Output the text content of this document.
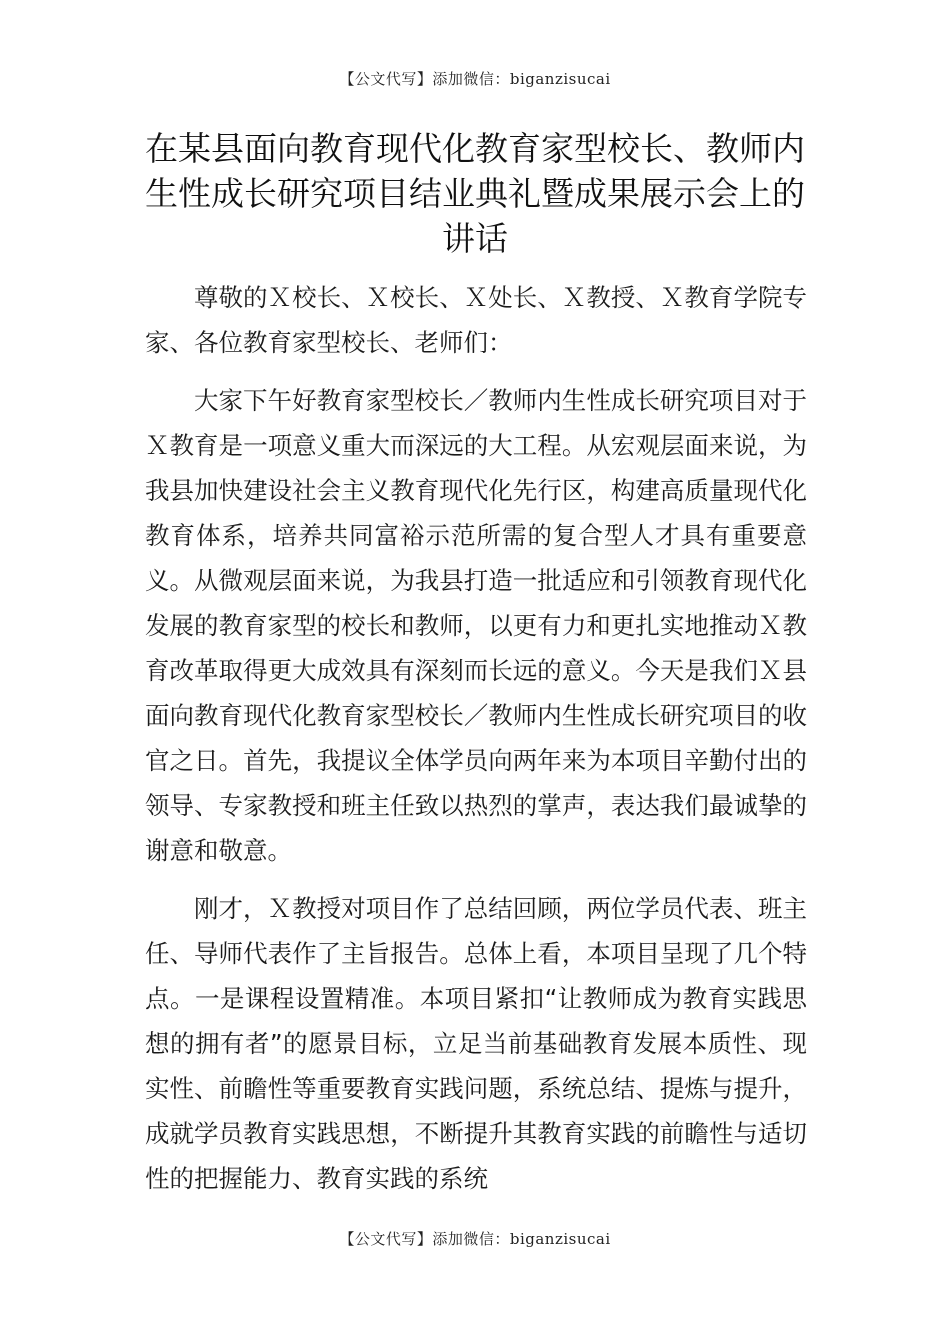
【公文代写】添加微信：biganzisucai
在某县面向教育现代化教育家型校长、教师内生性成长研究项目结业典礼暨成果展示会上的讲话

尊敬的Ｘ校长、Ｘ校长、Ｘ处长、Ｘ教授、Ｘ教育学院专家、各位教育家型校长、老师们：

大家下午好教育家型校长／教师内生性成长研究项目对于Ｘ教育是一项意义重大而深远的大工程。从宏观层面来说，为我县加快建设社会主义教育现代化先行区，构建高质量现代化教育体系，培养共同富裕示范所需的复合型人才具有重要意义。从微观层面来说，为我县打造一批适应和引领教育现代化发展的教育家型的校长和教师，以更有力和更扎实地推动Ｘ教育改革取得更大成效具有深刻而长远的意义。今天是我们Ｘ县面向教育现代化教育家型校长／教师内生性成长研究项目的收官之日。首先，我提议全体学员向两年来为本项目辛勤付出的领导、专家教授和班主任致以热烈的掌声，表达我们最诚挚的谢意和敬意。

刚才，Ｘ教授对项目作了总结回顾，两位学员代表、班主任、导师代表作了主旨报告。总体上看，本项目呈现了几个特点。一是课程设置精准。本项目紧扣“让教师成为教育实践思想的拥有者”的愿景目标，立足当前基础教育发展本质性、现实性、前瞻性等重要教育实践问题，系统总结、提炼与提升，成就学员教育实践思想，不断提升其教育实践的前瞻性与适切性的把握能力、教育实践的系统

【公文代写】添加微信：biganzisucai
